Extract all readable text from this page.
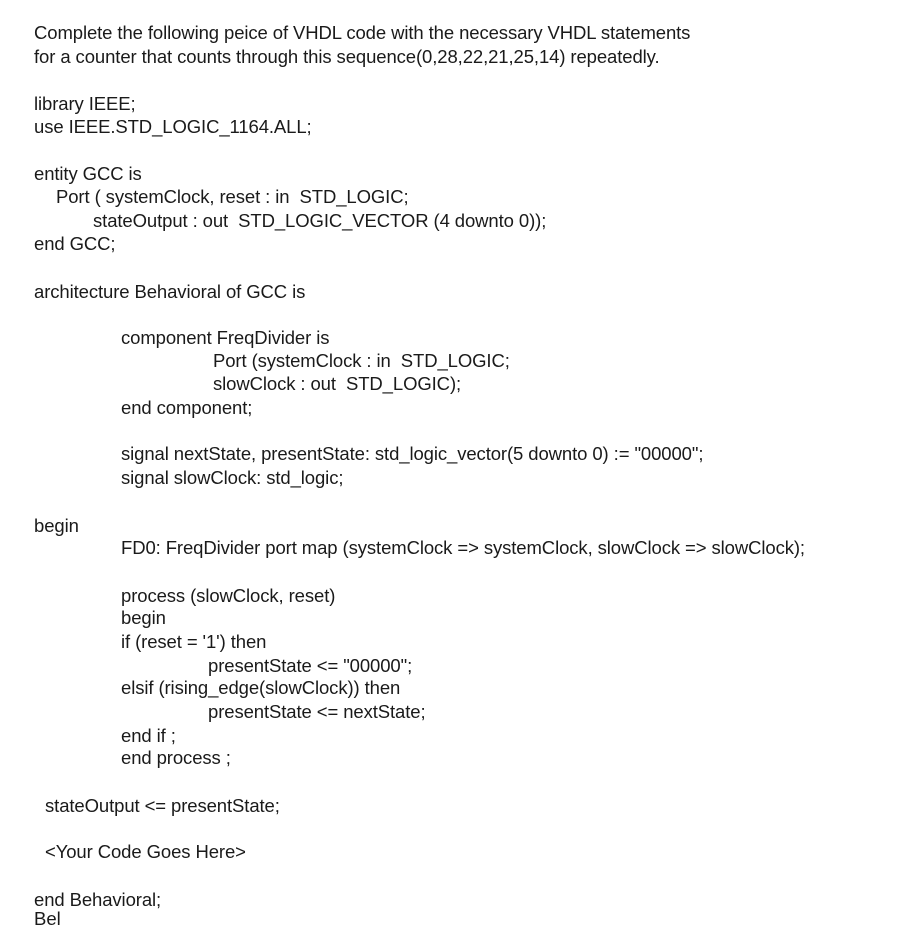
Complete the following peice of VHDL code with the necessary VHDL statements
for a counter that counts through this sequence(0,28,22,21,25,14) repeatedly.
library IEEE;
use IEEE.STD_LOGIC_1164.ALL;
entity GCC is
Port ( systemClock, reset : in  STD_LOGIC;
stateOutput : out  STD_LOGIC_VECTOR (4 downto 0));
end GCC;
architecture Behavioral of GCC is
component FreqDivider is
Port (systemClock : in  STD_LOGIC;
slowClock : out  STD_LOGIC);
end component;
signal nextState, presentState: std_logic_vector(5 downto 0) := "00000";
signal slowClock: std_logic;
begin
FD0: FreqDivider port map (systemClock => systemClock, slowClock => slowClock);
process (slowClock, reset)
begin
if (reset = '1') then
presentState <= "00000";
elsif (rising_edge(slowClock)) then
presentState <= nextState;
end if ;
end process ;
stateOutput <= presentState;
<Your Code Goes Here>
end Behavioral;
Bel
